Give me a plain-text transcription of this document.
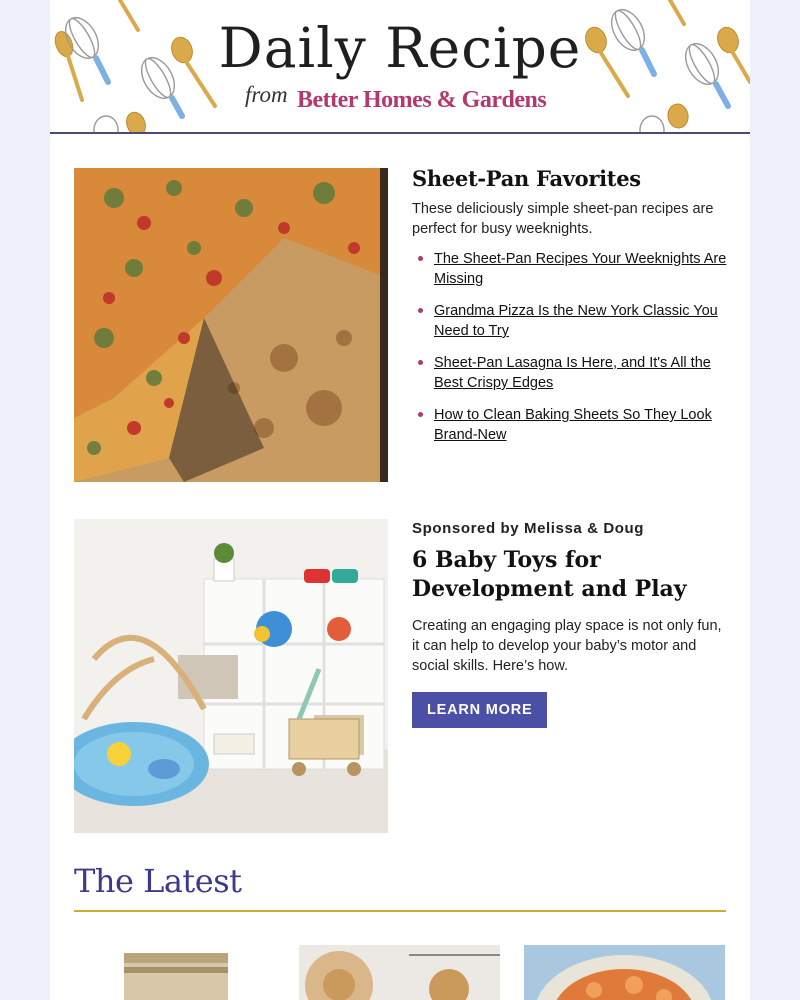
Daily Recipe
from Better Homes & Gardens
Sheet-Pan Favorites

These deliciously simple sheet-pan recipes are perfect for busy weeknights.

The Sheet-Pan Recipes Your Weeknights Are Missing
Grandma Pizza Is the New York Classic You Need to Try
Sheet-Pan Lasagna Is Here, and It's All the Best Crispy Edges
How to Clean Baking Sheets So They Look Brand-New
Sponsored by Melissa & Doug
6 Baby Toys for Development and Play

Creating an engaging play space is not only fun, it can help to develop your baby’s motor and social skills. Here’s how.

LEARN MORE
The Latest
